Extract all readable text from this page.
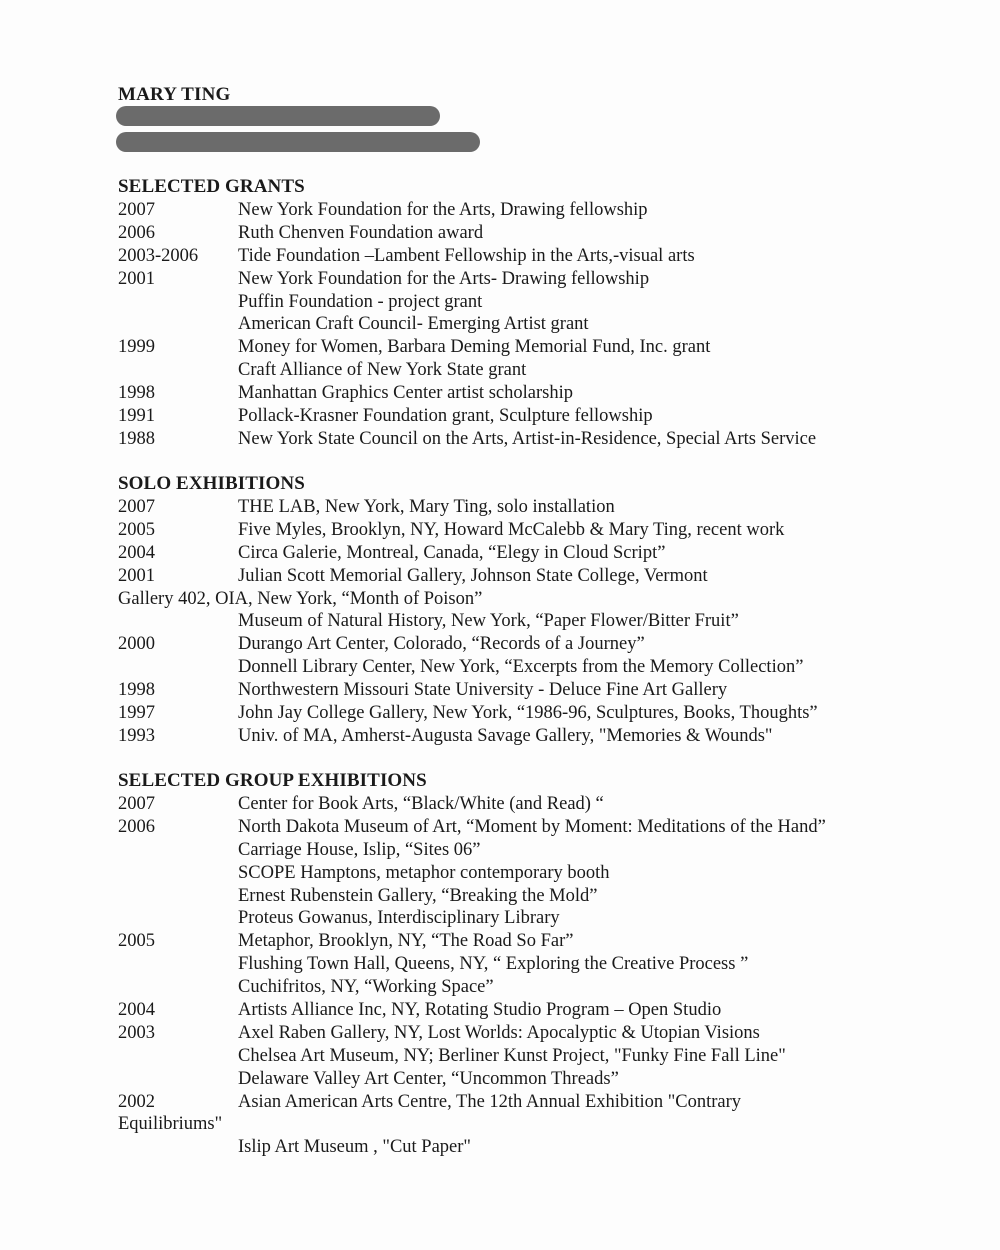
MARY TING
SELECTED GRANTS
2007	New York Foundation for the Arts, Drawing fellowship
2006	Ruth Chenven Foundation award
2003-2006 Tide Foundation –Lambent Fellowship in the Arts,-visual arts
2001	New York Foundation for the Arts- Drawing fellowship
Puffin Foundation - project grant
American Craft Council- Emerging Artist grant
1999	Money for Women, Barbara Deming Memorial Fund, Inc. grant
Craft Alliance of New York State grant
1998	Manhattan Graphics Center artist scholarship
1991	Pollack-Krasner Foundation grant, Sculpture fellowship
1988	New York State Council on the Arts, Artist-in-Residence, Special Arts Service
SOLO EXHIBITIONS
2007	THE LAB, New York, Mary Ting, solo installation
2005	Five Myles, Brooklyn, NY, Howard McCalebb & Mary Ting, recent work
2004	Circa Galerie, Montreal, Canada, “Elegy in Cloud Script”
2001	Julian Scott Memorial Gallery, Johnson State College, Vermont
Gallery 402, OIA, New York, “Month of Poison”
Museum of Natural History, New York, “Paper Flower/Bitter Fruit”
2000	Durango Art Center, Colorado, “Records of a Journey”
Donnell Library Center, New York, “Excerpts from the Memory Collection”
1998	Northwestern Missouri State University - Deluce Fine Art Gallery
1997	John Jay College Gallery, New York, “1986-96, Sculptures, Books, Thoughts”
1993	Univ. of MA, Amherst-Augusta Savage Gallery, "Memories & Wounds"
SELECTED GROUP EXHIBITIONS
2007	Center for Book Arts, “Black/White (and Read) “
2006	North Dakota Museum of Art, “Moment by Moment: Meditations of the Hand”
Carriage House, Islip, “Sites 06”
SCOPE Hamptons, metaphor contemporary booth
Ernest Rubenstein Gallery, “Breaking the Mold”
Proteus Gowanus, Interdisciplinary Library
2005	Metaphor, Brooklyn, NY, “The Road So Far”
Flushing Town Hall, Queens, NY, “ Exploring the Creative Process ”
Cuchifritos, NY, “Working Space”
2004	Artists Alliance Inc, NY, Rotating Studio Program – Open Studio
2003	Axel Raben Gallery, NY, Lost Worlds: Apocalyptic & Utopian Visions
Chelsea Art Museum, NY; Berliner Kunst Project, "Funky Fine Fall Line"
Delaware Valley Art Center, “Uncommon Threads”
2002	Asian American Arts Centre, The 12th Annual Exhibition "Contrary
Equilibriums"
Islip Art Museum , "Cut Paper"
